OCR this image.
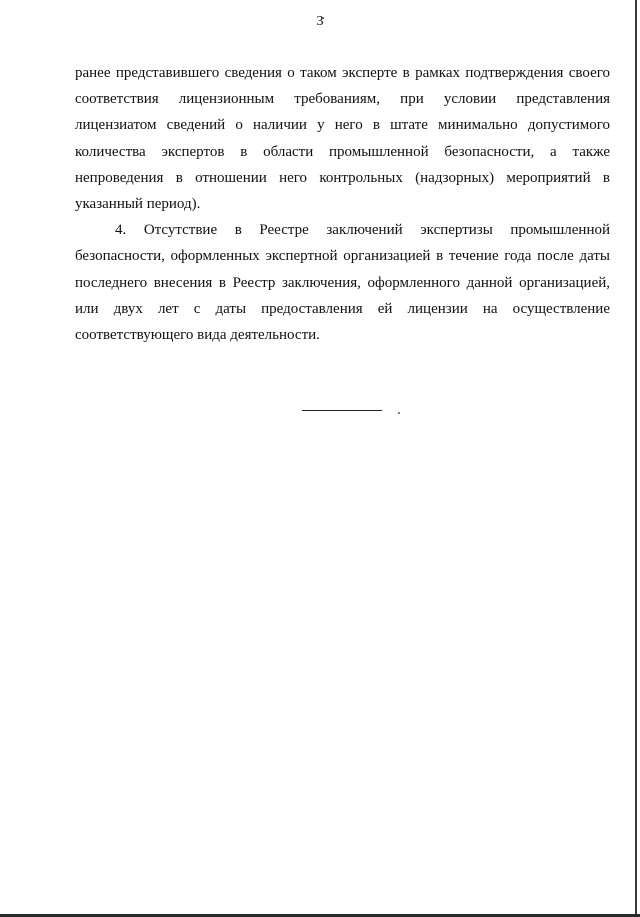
3

ранее представившего сведения о таком эксперте в рамках подтверждения своего соответствия лицензионным требованиям, при условии представления лицензиатом сведений о наличии у него в штате минимально допустимого количества экспертов в области промышленной безопасности, а также непроведения в отношении него контрольных (надзорных) мероприятий в указанный период).

4. Отсутствие в Реестре заключений экспертизы промышленной безопасности, оформленных экспертной организацией в течение года после даты последнего внесения в Реестр заключения, оформленного данной организацией, или двух лет с даты предоставления ей лицензии на осуществление соответствующего вида деятельности.
